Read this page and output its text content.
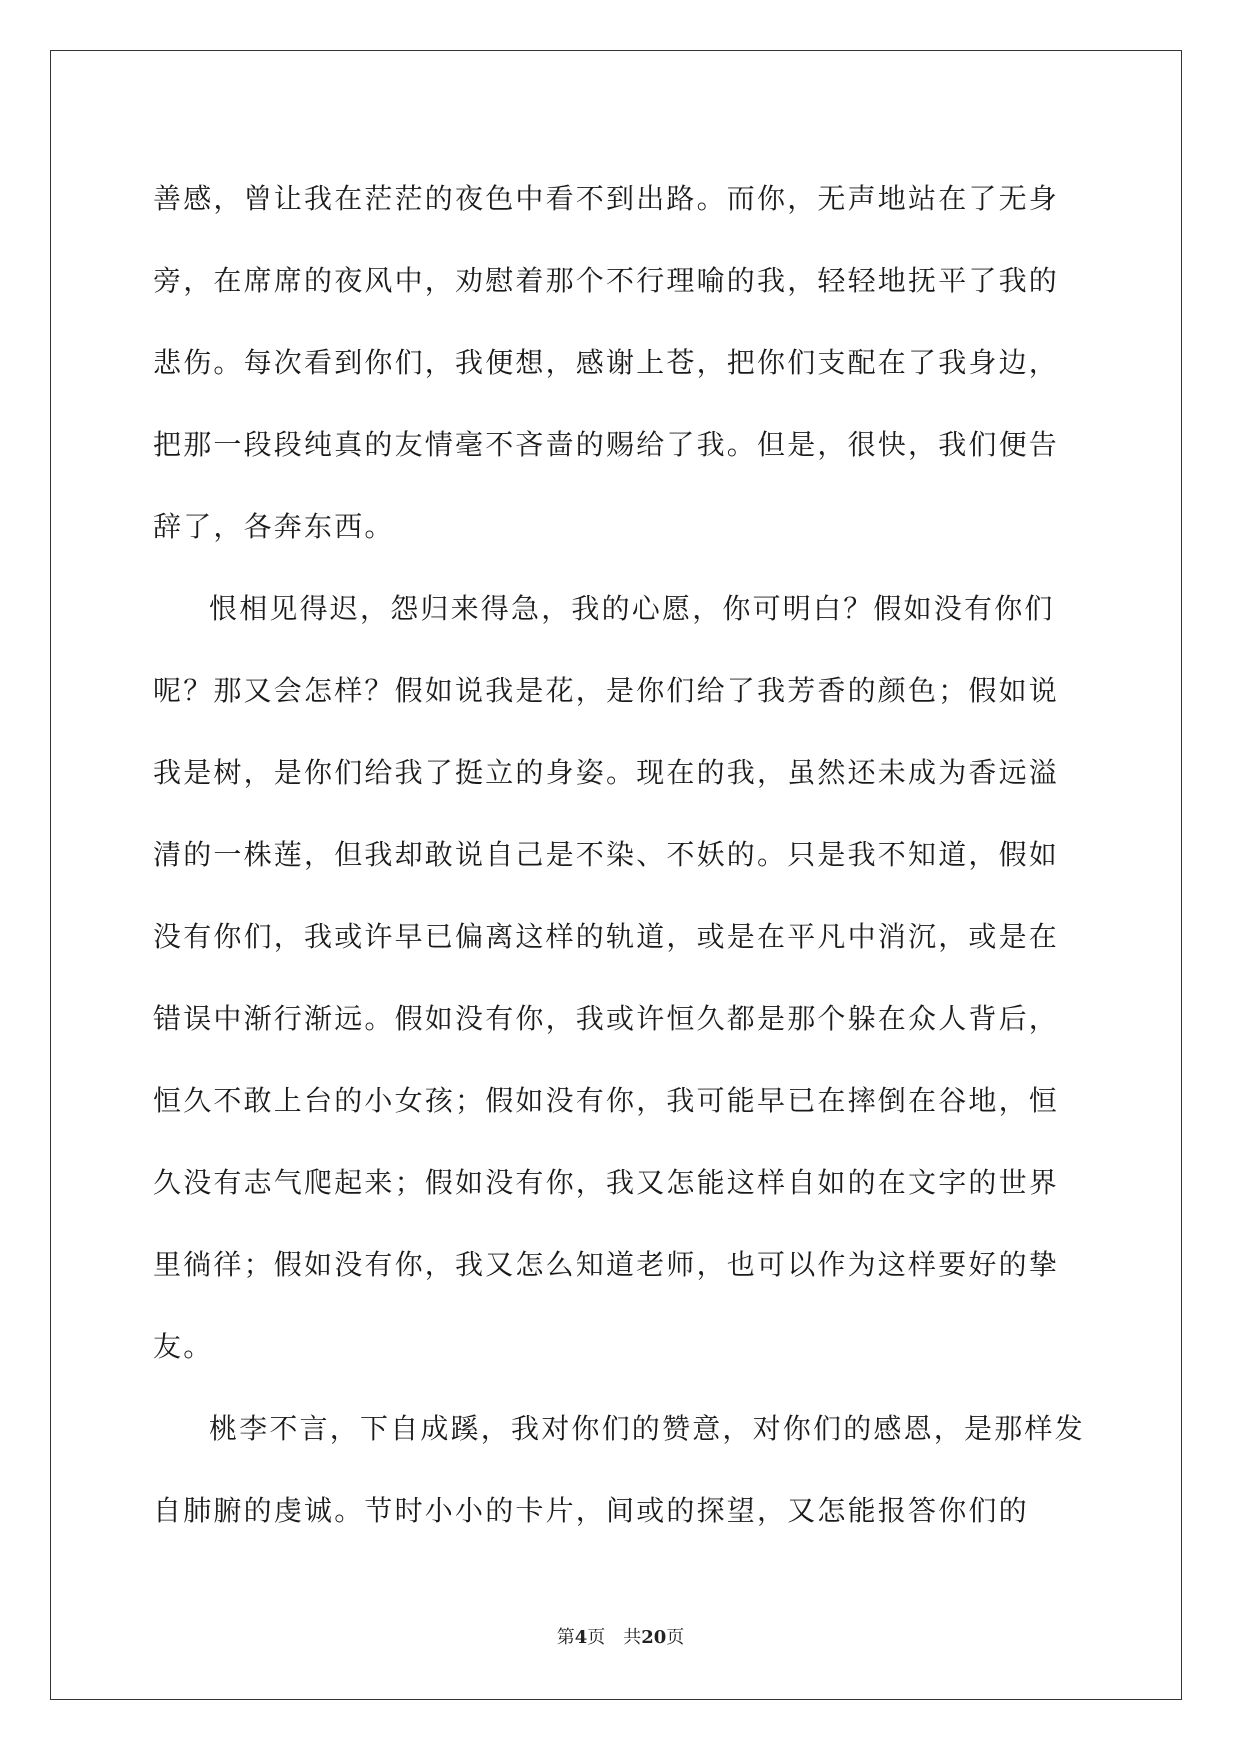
善感，曾让我在茫茫的夜色中看不到出路。而你，无声地站在了无身旁，在席席的夜风中，劝慰着那个不行理喻的我，轻轻地抚平了我的悲伤。每次看到你们，我便想，感谢上苍，把你们支配在了我身边，把那一段段纯真的友情毫不吝啬的赐给了我。但是，很快，我们便告辞了，各奔东西。

恨相见得迟，怨归来得急，我的心愿，你可明白？假如没有你们呢？那又会怎样？假如说我是花，是你们给了我芳香的颜色；假如说我是树，是你们给我了挺立的身姿。现在的我，虽然还未成为香远溢清的一株莲，但我却敢说自己是不染、不妖的。只是我不知道，假如没有你们，我或许早已偏离这样的轨道，或是在平凡中消沉，或是在错误中渐行渐远。假如没有你，我或许恒久都是那个躲在众人背后，恒久不敢上台的小女孩；假如没有你，我可能早已在摔倒在谷地，恒久没有志气爬起来；假如没有你，我又怎能这样自如的在文字的世界里徜徉；假如没有你，我又怎么知道老师，也可以作为这样要好的挚友。

桃李不言，下自成蹊，我对你们的赞意，对你们的感恩，是那样发自肺腑的虔诚。节时小小的卡片，间或的探望，又怎能报答你们的

第4页　共20页
